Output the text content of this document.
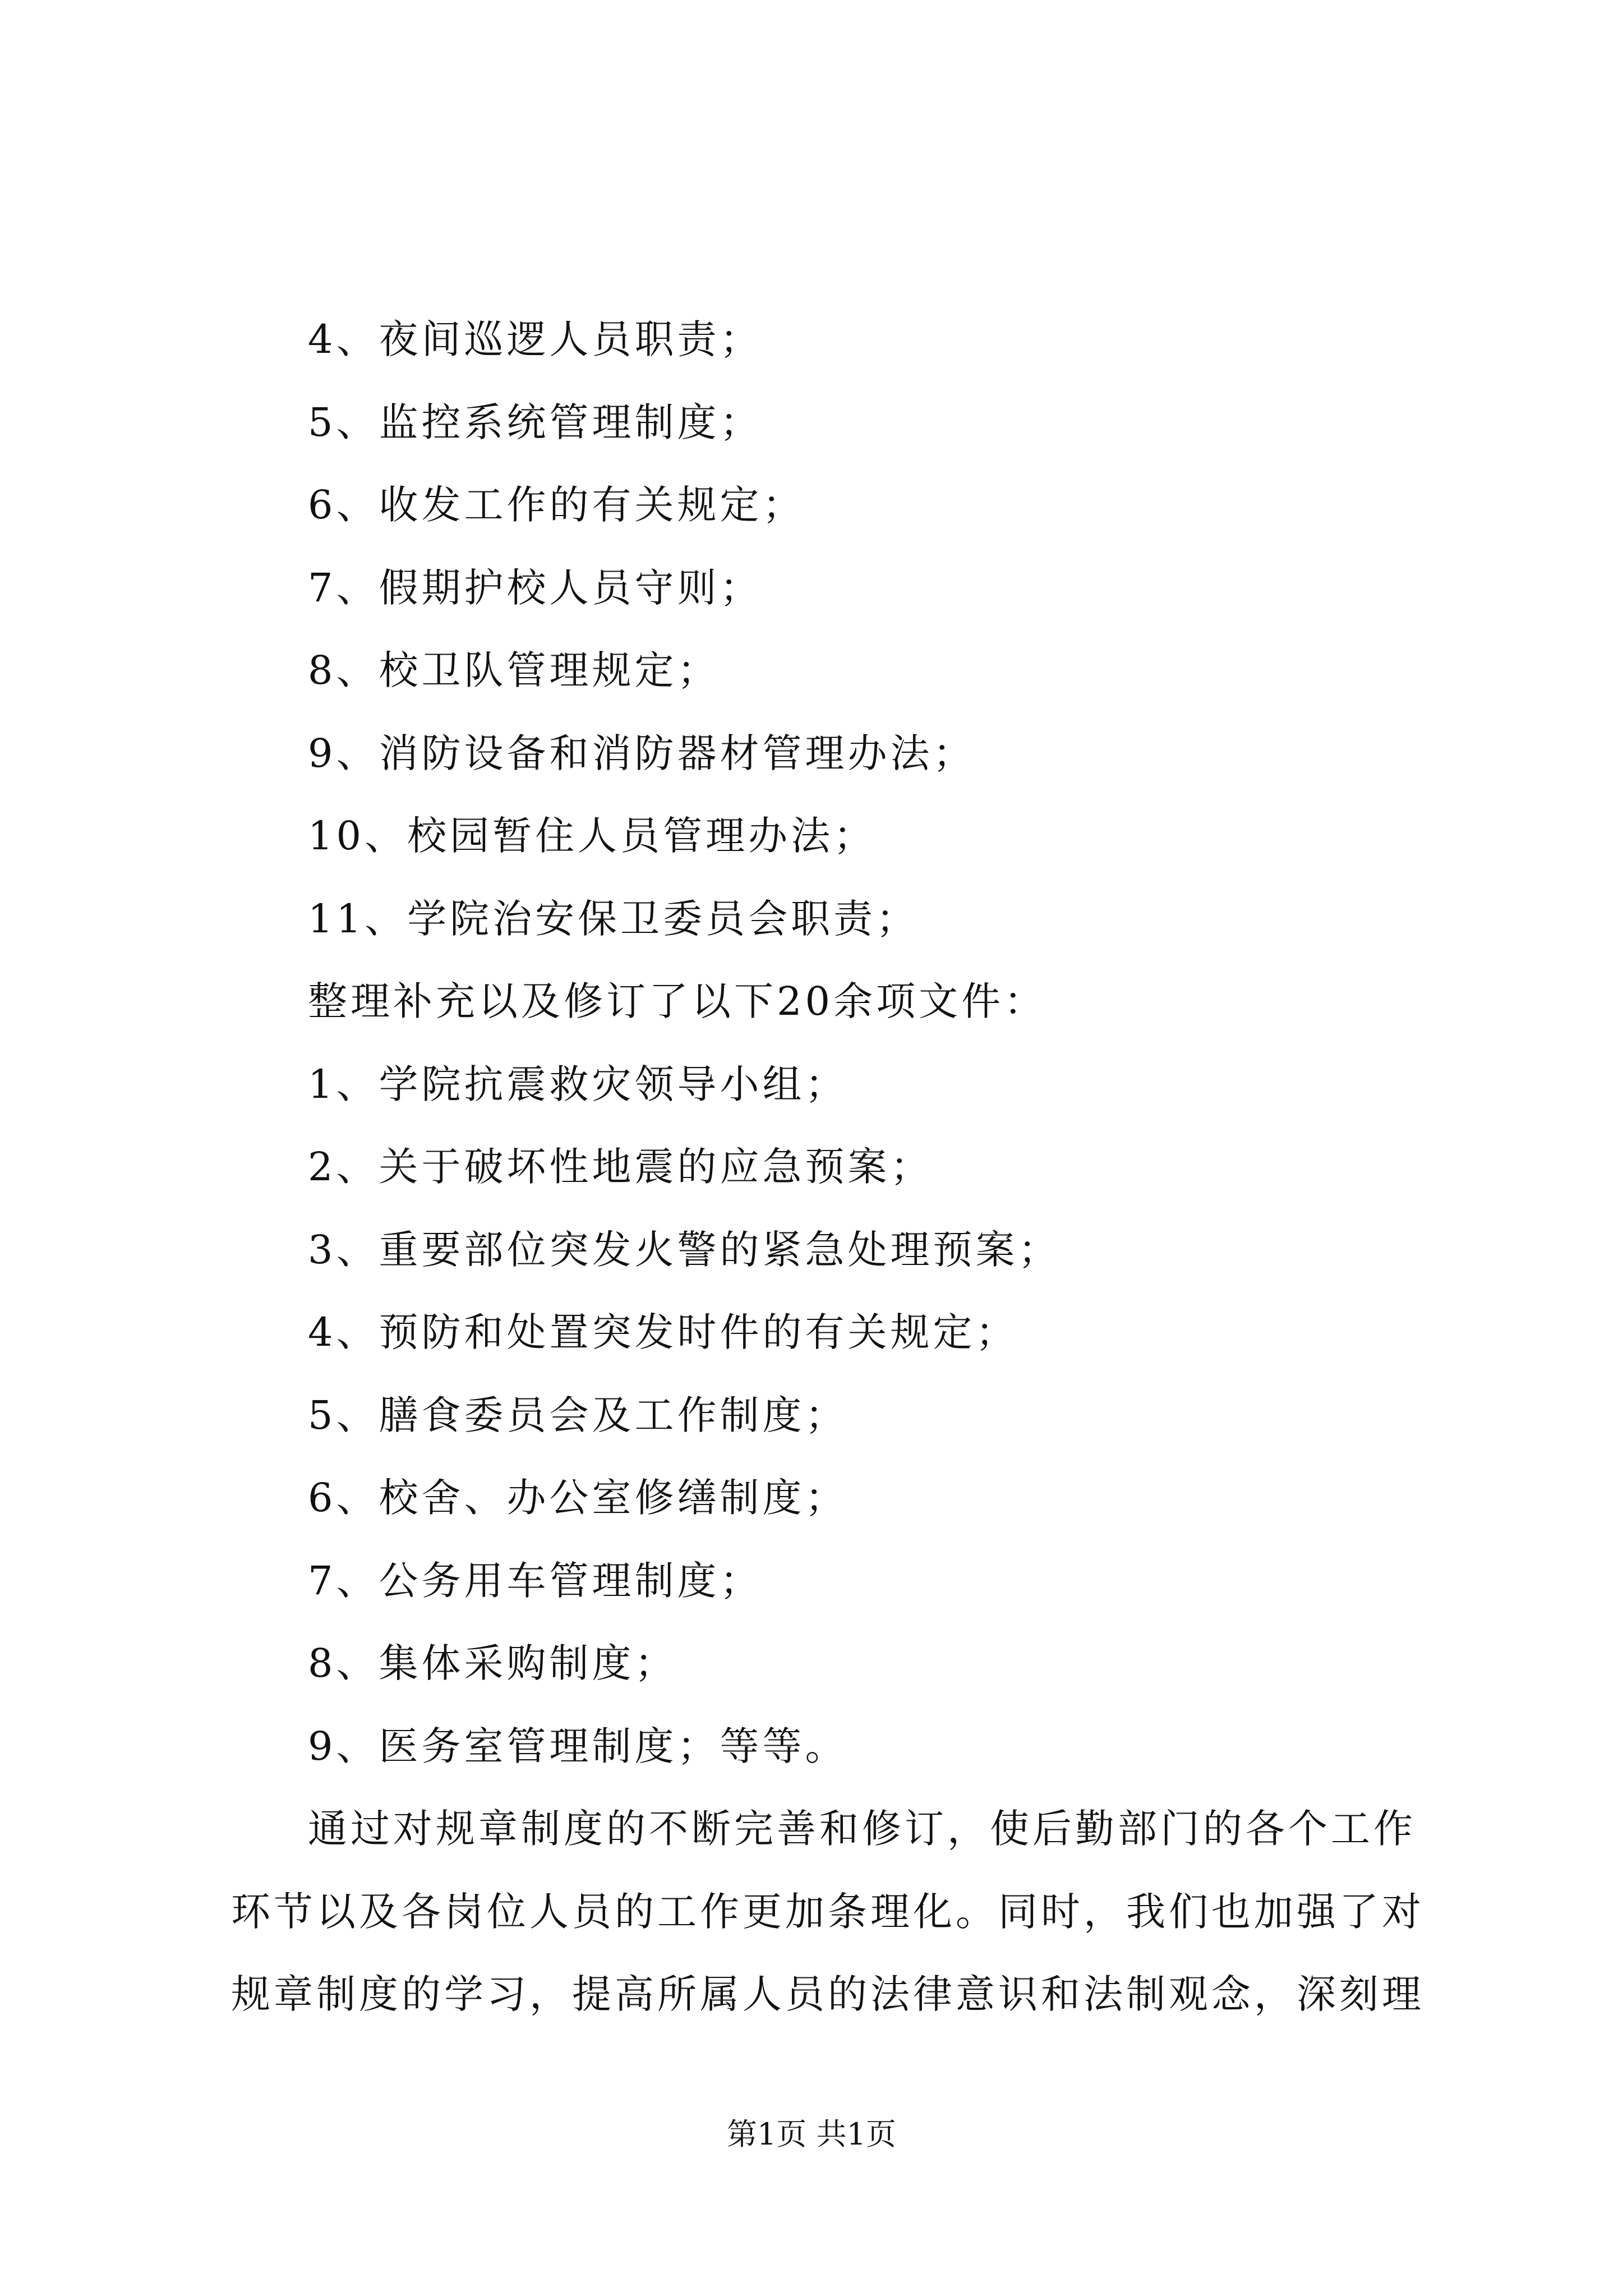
4、夜间巡逻人员职责；
5、监控系统管理制度；
6、收发工作的有关规定；
7、假期护校人员守则；
8、校卫队管理规定；
9、消防设备和消防器材管理办法；
10、校园暂住人员管理办法；
11、学院治安保卫委员会职责；
整理补充以及修订了以下20余项文件：
1、学院抗震救灾领导小组；
2、关于破坏性地震的应急预案；
3、重要部位突发火警的紧急处理预案；
4、预防和处置突发时件的有关规定；
5、膳食委员会及工作制度；
6、校舍、办公室修缮制度；
7、公务用车管理制度；
8、集体采购制度；
9、医务室管理制度；等等。
通过对规章制度的不断完善和修订，使后勤部门的各个工作
环节以及各岗位人员的工作更加条理化。同时，我们也加强了对
规章制度的学习，提高所属人员的法律意识和法制观念，深刻理
第1页 共1页
